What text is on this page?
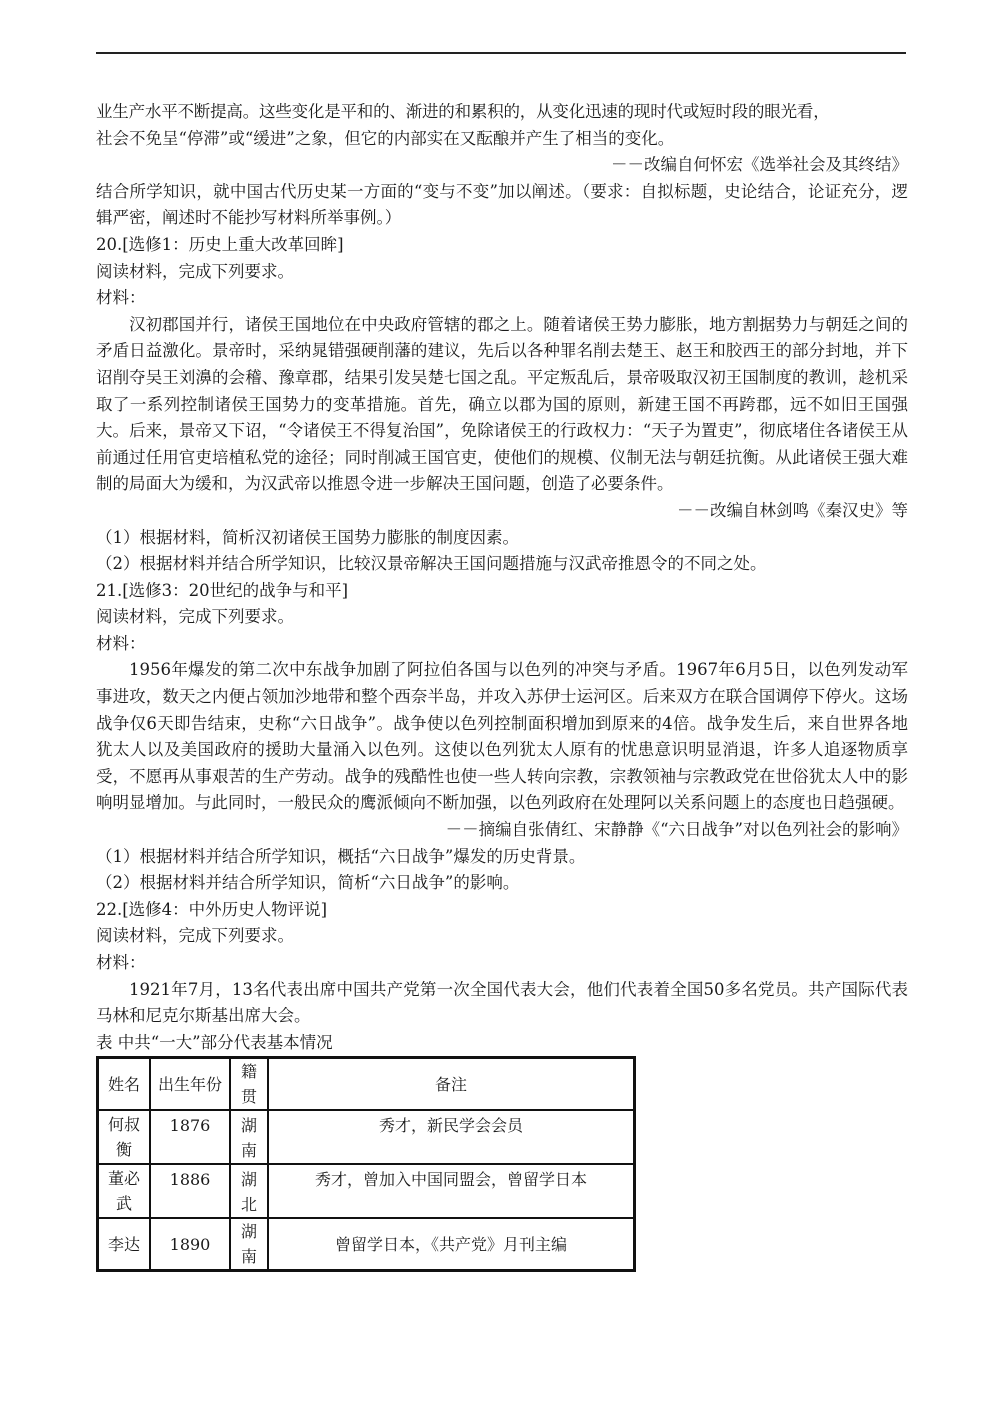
业生产水平不断提高。这些变化是平和的、渐进的和累积的，从变化迅速的现时代或短时段的眼光看，

社会不免呈“停滞”或“缓进”之象，但它的内部实在又酝酿并产生了相当的变化。

－－改编自何怀宏《选举社会及其终结》

结合所学知识，就中国古代历史某一方面的“变与不变”加以阐述。（要求：自拟标题，史论结合，论证充分，逻辑严密，阐述时不能抄写材料所举事例。）

20.[选修1：历史上重大改革回眸]

阅读材料，完成下列要求。

材料：

汉初郡国并行，诸侯王国地位在中央政府管辖的郡之上。随着诸侯王势力膨胀，地方割据势力与朝廷之间的矛盾日益激化。景帝时，采纳晁错强硬削藩的建议，先后以各种罪名削去楚王、赵王和胶西王的部分封地，并下诏削夺吴王刘濞的会稽、豫章郡，结果引发吴楚七国之乱。平定叛乱后，景帝吸取汉初王国制度的教训，趁机采取了一系列控制诸侯王国势力的变革措施。首先，确立以郡为国的原则，新建王国不再跨郡，远不如旧王国强大。后来，景帝又下诏，“令诸侯王不得复治国”，免除诸侯王的行政权力：“天子为置吏”，彻底堵住各诸侯王从前通过任用官吏培植私党的途径；同时削减王国官吏，使他们的规模、仪制无法与朝廷抗衡。从此诸侯王强大难制的局面大为缓和，为汉武帝以推恩令进一步解决王国问题，创造了必要条件。

－－改编自林剑鸣《秦汉史》等

（1）根据材料，简析汉初诸侯王国势力膨胀的制度因素。

（2）根据材料并结合所学知识，比较汉景帝解决王国问题措施与汉武帝推恩令的不同之处。

21.[选修3：20世纪的战争与和平]

阅读材料，完成下列要求。

材料：

1956年爆发的第二次中东战争加剧了阿拉伯各国与以色列的冲突与矛盾。1967年6月5日，以色列发动军事进攻，数天之内便占领加沙地带和整个西奈半岛，并攻入苏伊士运河区。后来双方在联合国调停下停火。这场战争仅6天即告结束，史称“六日战争”。战争使以色列控制面积增加到原来的4倍。战争发生后，来自世界各地犹太人以及美国政府的援助大量涌入以色列。这使以色列犹太人原有的忧患意识明显消退，许多人追逐物质享受，不愿再从事艰苦的生产劳动。战争的残酷性也使一些人转向宗教，宗教领袖与宗教政党在世俗犹太人中的影响明显增加。与此同时，一般民众的鹰派倾向不断加强，以色列政府在处理阿以关系问题上的态度也日趋强硬。

－－摘编自张倩红、宋静静《“六日战争”对以色列社会的影响》

（1）根据材料并结合所学知识，概括“六日战争”爆发的历史背景。

（2）根据材料并结合所学知识，简析“六日战争”的影响。

22.[选修4：中外历史人物评说]

阅读材料，完成下列要求。

材料：

1921年7月，13名代表出席中国共产党第一次全国代表大会，他们代表着全国50多名党员。共产国际代表马林和尼克尔斯基出席大会。

表 中共“一大”部分代表基本情况

姓名	出生年份	籍贯	备注
何叔衡	1876	湖南	秀才，新民学会会员
董必武	1886	湖北	秀才，曾加入中国同盟会，曾留学日本
李达	1890	湖南	曾留学日本，《共产党》月刊主编
